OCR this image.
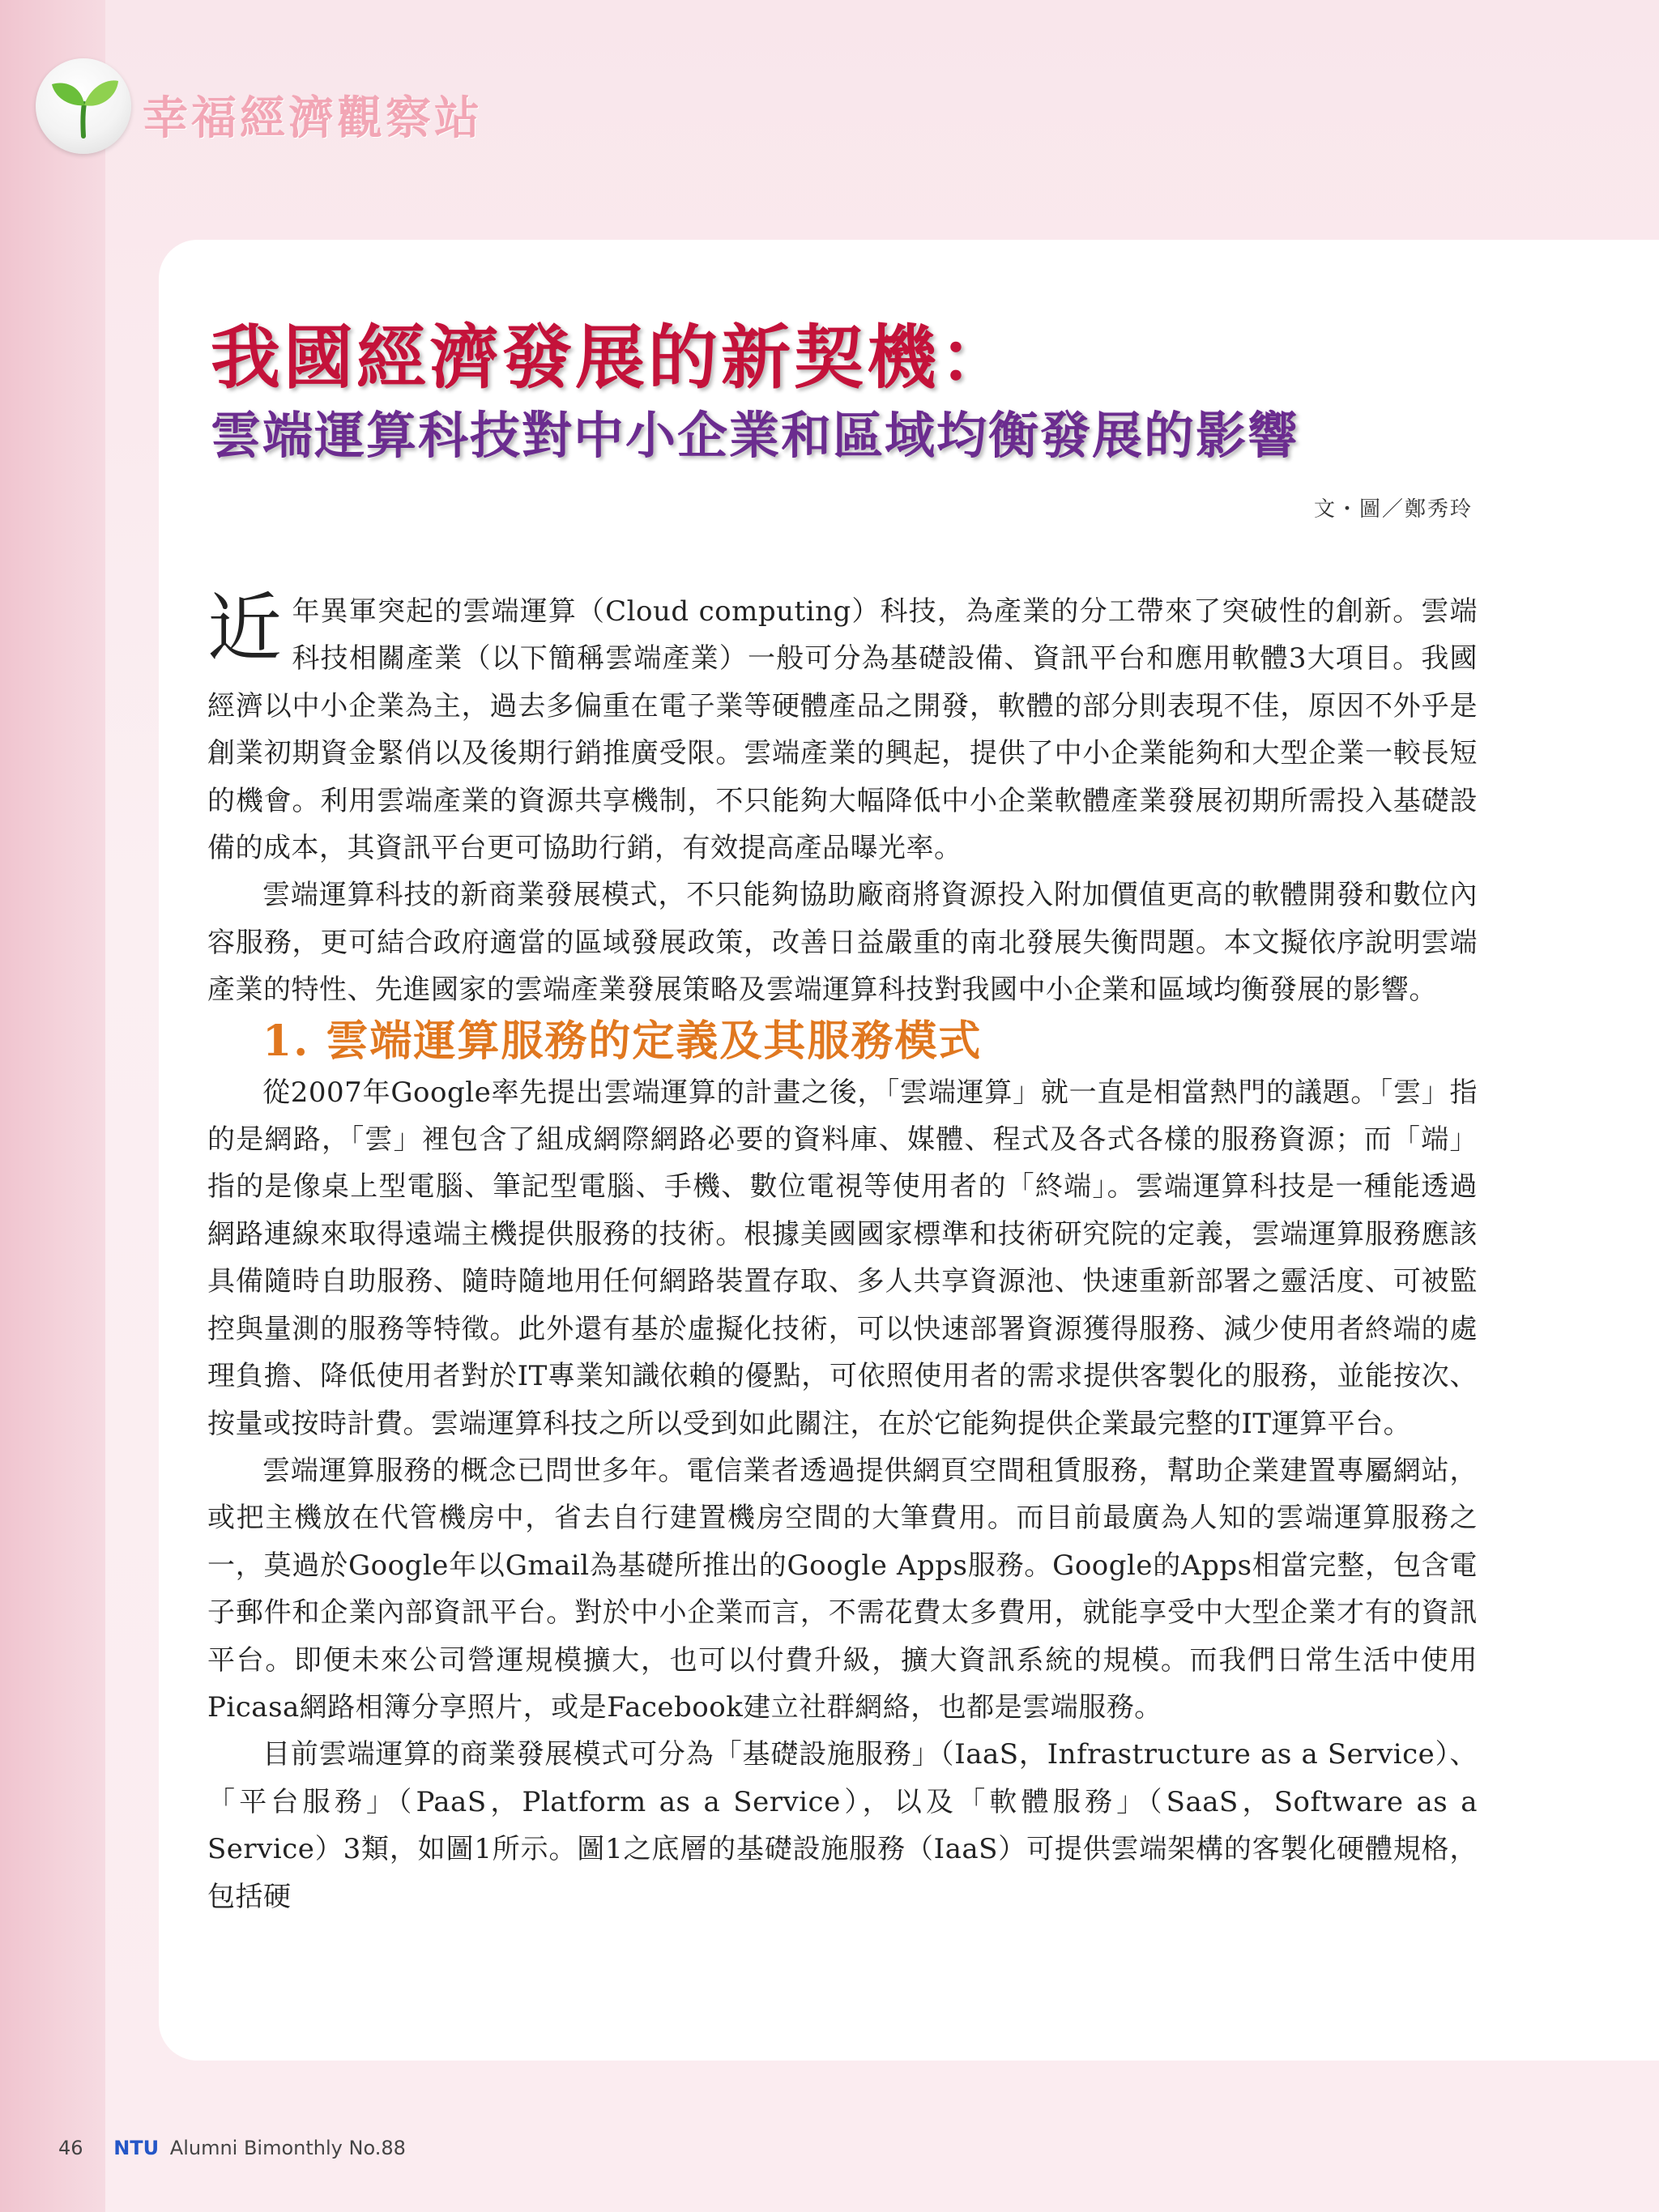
幸福經濟觀察站
我國經濟發展的新契機：
雲端運算科技對中小企業和區域均衡發展的影響
文・圖／鄭秀玲

近年異軍突起的雲端運算（Cloud computing）科技，為產業的分工帶來了突破性的創新。雲端科技相關產業（以下簡稱雲端產業）一般可分為基礎設備、資訊平台和應用軟體3大項目。我國經濟以中小企業為主，過去多偏重在電子業等硬體產品之開發，軟體的部分則表現不佳，原因不外乎是創業初期資金緊俏以及後期行銷推廣受限。雲端產業的興起，提供了中小企業能夠和大型企業一較長短的機會。利用雲端產業的資源共享機制，不只能夠大幅降低中小企業軟體產業發展初期所需投入基礎設備的成本，其資訊平台更可協助行銷，有效提高產品曝光率。

雲端運算科技的新商業發展模式，不只能夠協助廠商將資源投入附加價值更高的軟體開發和數位內容服務，更可結合政府適當的區域發展政策，改善日益嚴重的南北發展失衡問題。本文擬依序說明雲端產業的特性、先進國家的雲端產業發展策略及雲端運算科技對我國中小企業和區域均衡發展的影響。

1. 雲端運算服務的定義及其服務模式

從2007年Google率先提出雲端運算的計畫之後，「雲端運算」就一直是相當熱門的議題。「雲」指的是網路，「雲」裡包含了組成網際網路必要的資料庫、媒體、程式及各式各樣的服務資源；而「端」指的是像桌上型電腦、筆記型電腦、手機、數位電視等使用者的「終端」。雲端運算科技是一種能透過網路連線來取得遠端主機提供服務的技術。根據美國國家標準和技術研究院的定義，雲端運算服務應該具備隨時自助服務、隨時隨地用任何網路裝置存取、多人共享資源池、快速重新部署之靈活度、可被監控與量測的服務等特徵。此外還有基於虛擬化技術，可以快速部署資源獲得服務、減少使用者終端的處理負擔、降低使用者對於IT專業知識依賴的優點，可依照使用者的需求提供客製化的服務，並能按次、按量或按時計費。雲端運算科技之所以受到如此關注，在於它能夠提供企業最完整的IT運算平台。

雲端運算服務的概念已問世多年。電信業者透過提供網頁空間租賃服務，幫助企業建置專屬網站，或把主機放在代管機房中，省去自行建置機房空間的大筆費用。而目前最廣為人知的雲端運算服務之一，莫過於Google年以Gmail為基礎所推出的Google Apps服務。Google的Apps相當完整，包含電子郵件和企業內部資訊平台。對於中小企業而言，不需花費太多費用，就能享受中大型企業才有的資訊平台。即便未來公司營運規模擴大，也可以付費升級，擴大資訊系統的規模。而我們日常生活中使用Picasa網路相簿分享照片，或是Facebook建立社群網絡，也都是雲端服務。

目前雲端運算的商業發展模式可分為「基礎設施服務」（IaaS，Infrastructure as a Service）、「平台服務」（PaaS，Platform as a Service），以及「軟體服務」（SaaS，Software as a Service）3類，如圖1所示。圖1之底層的基礎設施服務（IaaS）可提供雲端架構的客製化硬體規格，包括硬

46 NTU Alumni Bimonthly No.88
